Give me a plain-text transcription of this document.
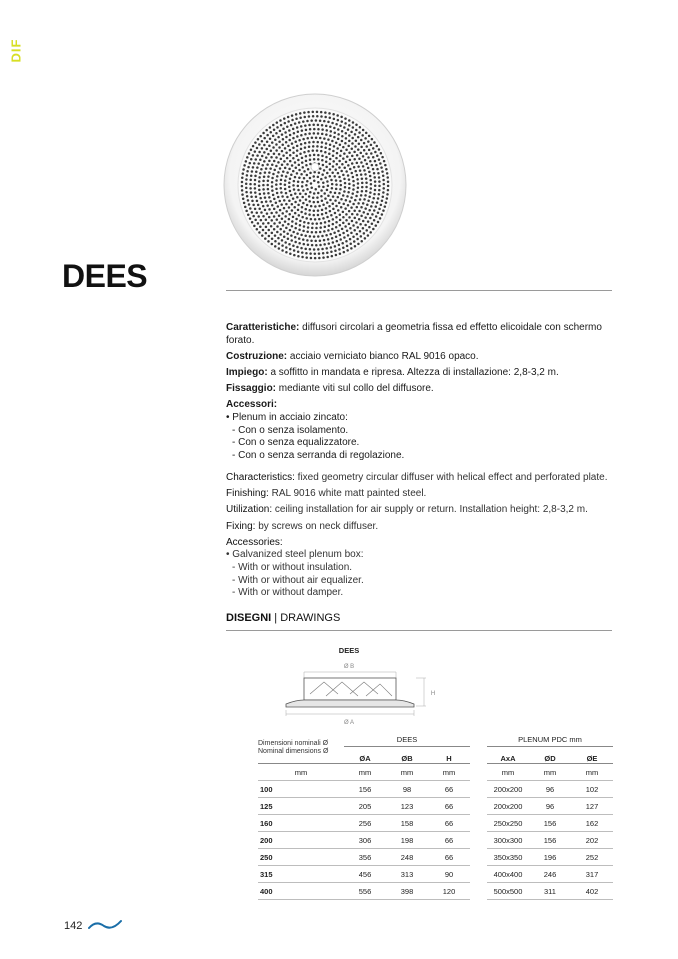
DIF
DEES

Caratteristiche: diffusori circolari a geometria fissa ed effetto elicoidale con schermo forato.

Costruzione: acciaio verniciato bianco RAL 9016 opaco.

Impiego: a soffitto in mandata e ripresa. Altezza di installazione: 2,8-3,2 m.

Fissaggio: mediante viti sul collo del diffusore.

Accessori:
• Plenum in acciaio zincato:
- Con o senza isolamento.
- Con o senza equalizzatore.
- Con o senza serranda di regolazione.

Characteristics: fixed geometry circular diffuser with helical effect and perforated plate.

Finishing: RAL 9016 white matt painted steel.

Utilization: ceiling installation for air supply or return. Installation height: 2,8-3,2 m.

Fixing: by screws on neck diffuser.

Accessories:
• Galvanized steel plenum box:
- With or without insulation.
- With or without air equalizer.
- With or without damper.
DISEGNI | DRAWINGS
DEES
Ø B
H
Ø A
Dimensioni nominali Ø
Nominal dimensions Ø	DEES		
	ØA	ØB	H
mm	mm	mm	mm
100	156	98	66
125	205	123	66
160	256	158	66
200	306	198	66
250	356	248	66
315	456	313	90
400	556	398	120
PLENUM PDC mm		
AxA	ØD	ØE
mm	mm	mm
200x200	96	102
200x200	96	127
250x250	156	162
300x300	156	202
350x350	196	252
400x400	246	317
500x500	311	402
142
